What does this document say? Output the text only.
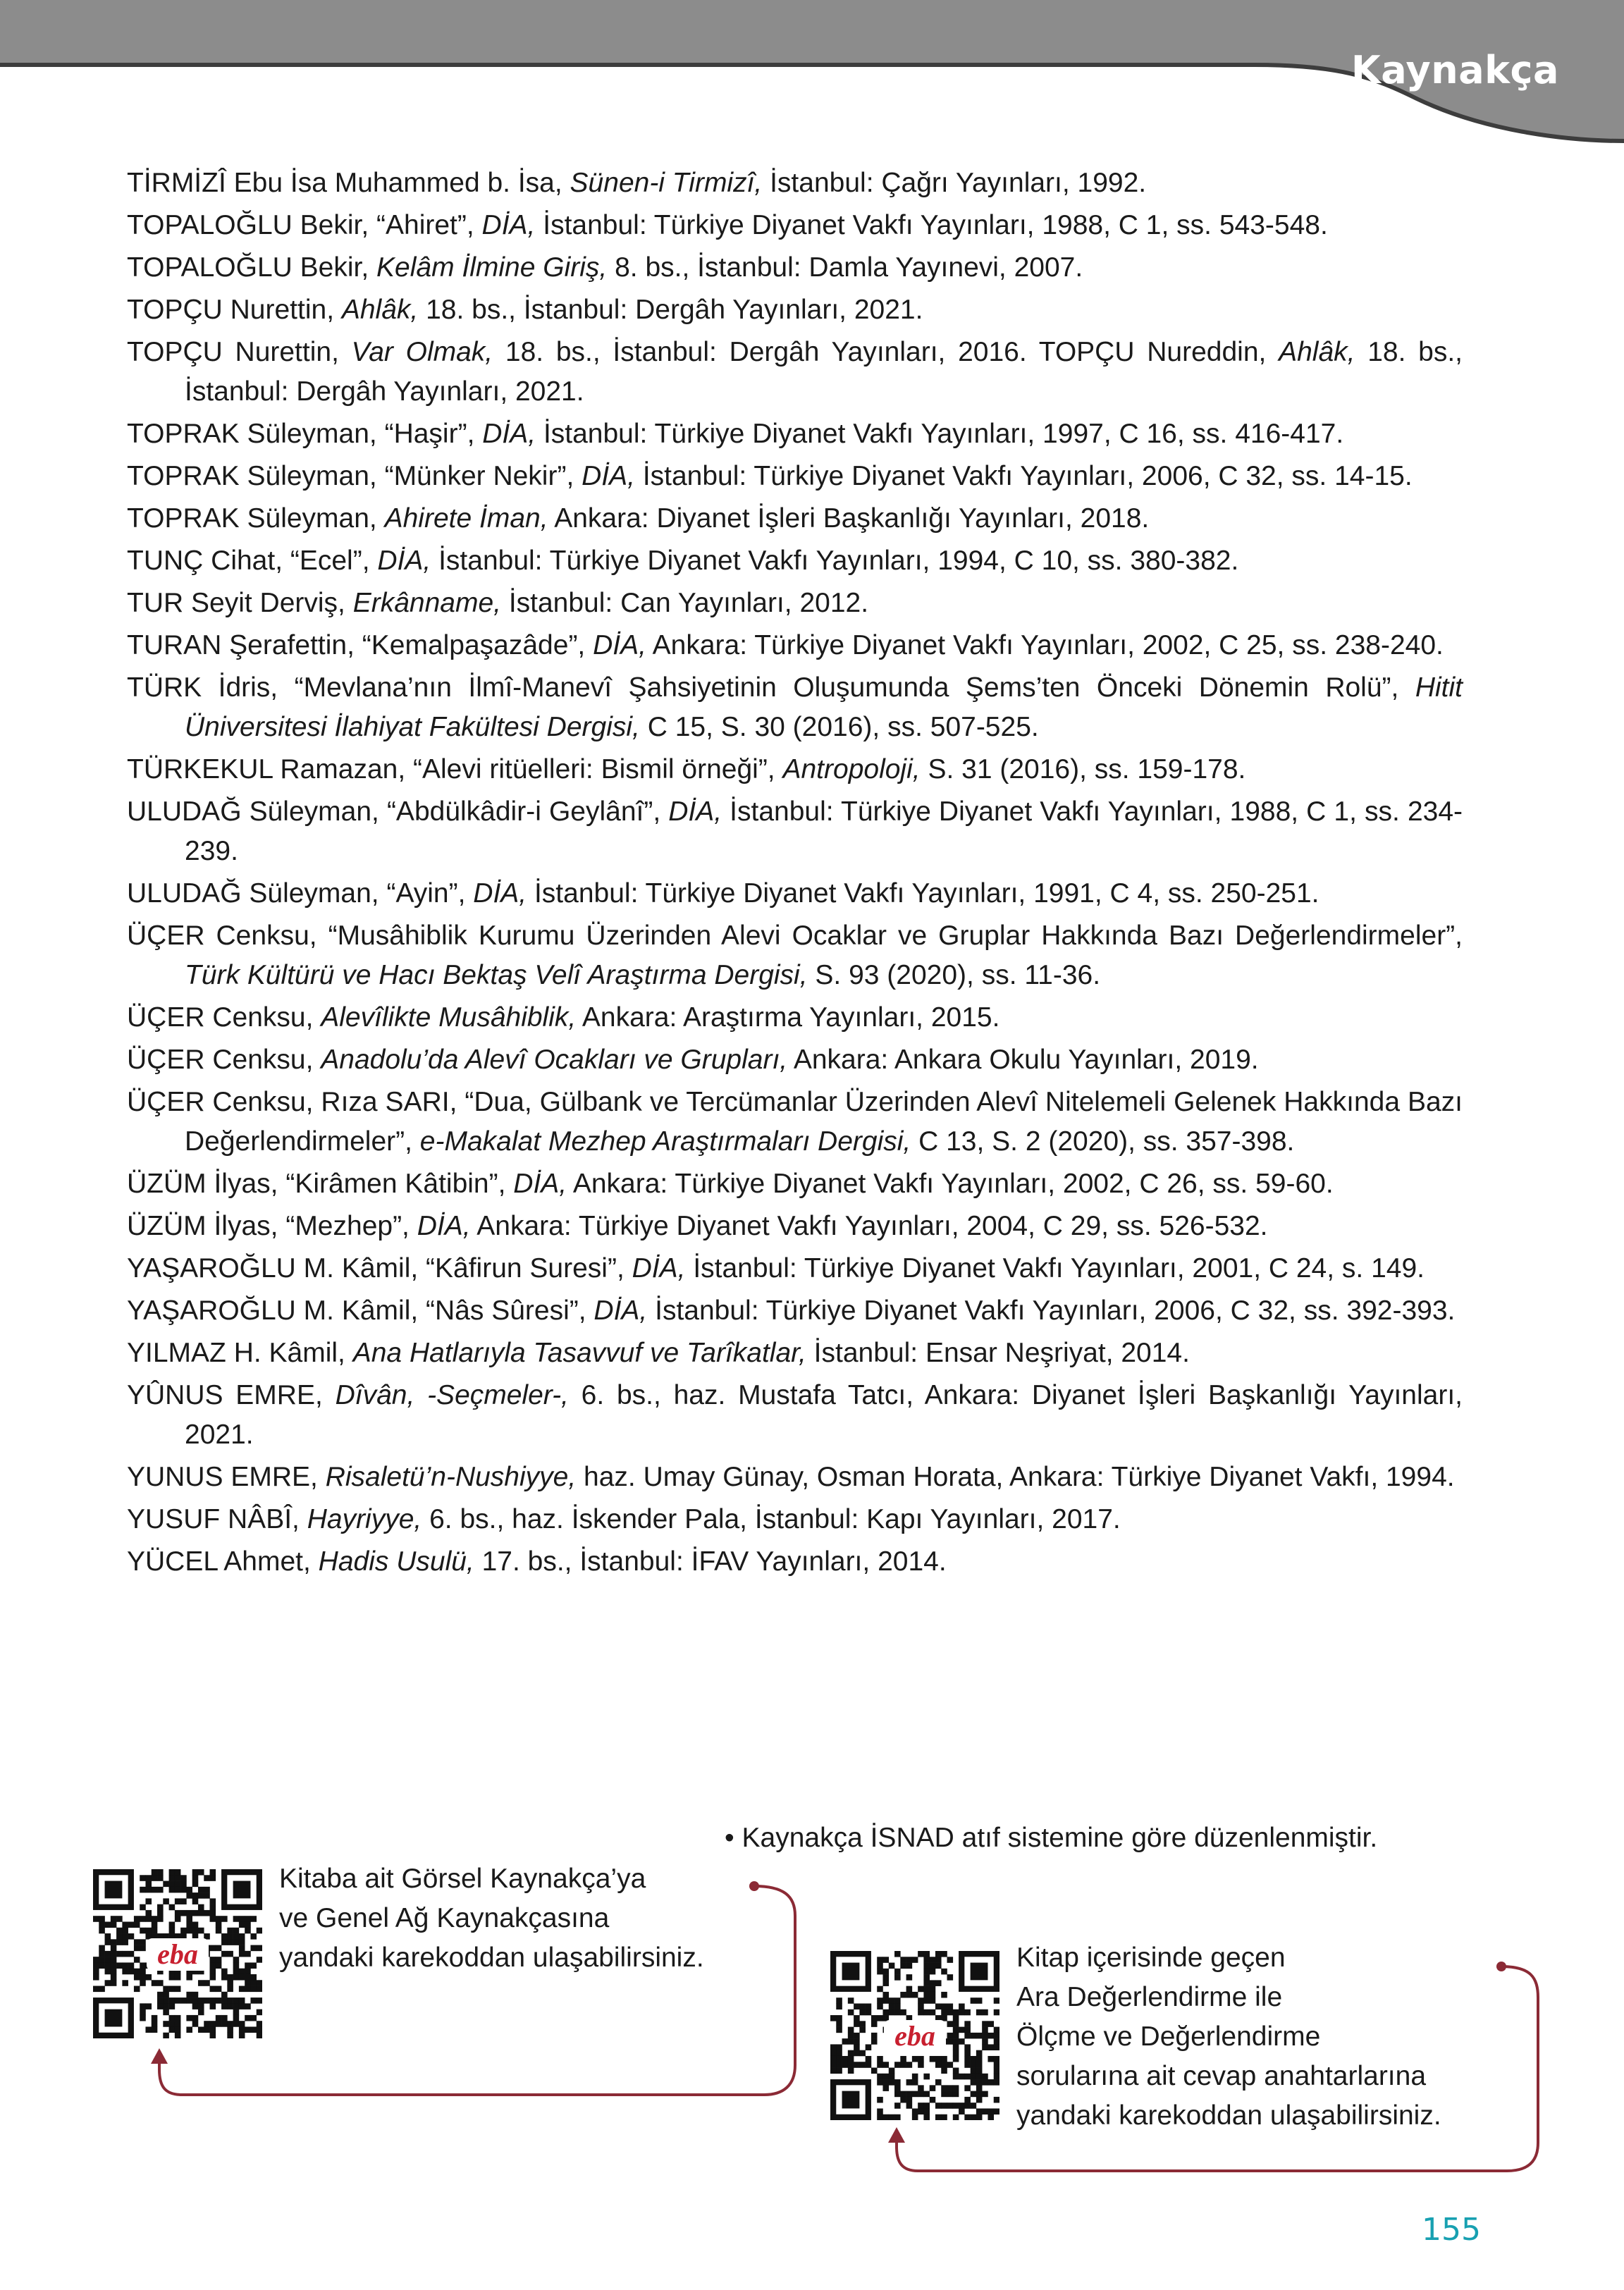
Kaynakça
TİRMİZÎ Ebu İsa Muhammed b. İsa, Sünen-i Tirmizî, İstanbul: Çağrı Yayınları, 1992.
TOPALOĞLU Bekir, “Ahiret”, DİA, İstanbul: Türkiye Diyanet Vakfı Yayınları, 1988, C 1, ss. 543-548.
TOPALOĞLU Bekir, Kelâm İlmine Giriş, 8. bs., İstanbul: Damla Yayınevi, 2007.
TOPÇU Nurettin, Ahlâk, 18. bs., İstanbul: Dergâh Yayınları, 2021.
TOPÇU Nurettin, Var Olmak, 18. bs., İstanbul: Dergâh Yayınları, 2016. TOPÇU Nureddin, Ahlâk, 18. bs., İstanbul: Dergâh Yayınları, 2021.
TOPRAK Süleyman, “Haşir”, DİA, İstanbul: Türkiye Diyanet Vakfı Yayınları, 1997, C 16, ss. 416-417.
TOPRAK Süleyman, “Münker Nekir”, DİA, İstanbul: Türkiye Diyanet Vakfı Yayınları, 2006, C 32, ss. 14-15.
TOPRAK Süleyman, Ahirete İman, Ankara: Diyanet İşleri Başkanlığı Yayınları, 2018.
TUNÇ Cihat, “Ecel”, DİA, İstanbul: Türkiye Diyanet Vakfı Yayınları, 1994, C 10, ss. 380-382.
TUR Seyit Derviş, Erkânname, İstanbul: Can Yayınları, 2012.
TURAN Şerafettin, “Kemalpaşazâde”, DİA, Ankara: Türkiye Diyanet Vakfı Yayınları, 2002, C 25, ss. 238-240.
TÜRK İdris, “Mevlana’nın İlmî-Manevî Şahsiyetinin Oluşumunda Şems’ten Önceki Dönemin Rolü”, Hitit Üniversitesi İlahiyat Fakültesi Dergisi, C 15, S. 30 (2016), ss. 507-525.
TÜRKEKUL Ramazan, “Alevi ritüelleri: Bismil örneği”, Antropoloji, S. 31 (2016), ss. 159-178.
ULUDAĞ Süleyman, “Abdülkâdir-i Geylânî”, DİA, İstanbul: Türkiye Diyanet Vakfı Yayınları, 1988, C 1, ss. 234-239.
ULUDAĞ Süleyman, “Ayin”, DİA, İstanbul: Türkiye Diyanet Vakfı Yayınları, 1991, C 4, ss. 250-251.
ÜÇER Cenksu, “Musâhiblik Kurumu Üzerinden Alevi Ocaklar ve Gruplar Hakkında Bazı Değerlendirmeler”, Türk Kültürü ve Hacı Bektaş Velî Araştırma Dergisi, S. 93 (2020), ss. 11-36.
ÜÇER Cenksu, Alevîlikte Musâhiblik, Ankara: Araştırma Yayınları, 2015.
ÜÇER Cenksu, Anadolu’da Alevî Ocakları ve Grupları, Ankara: Ankara Okulu Yayınları, 2019.
ÜÇER Cenksu, Rıza SARI, “Dua, Gülbank ve Tercümanlar Üzerinden Alevî Nitelemeli Gelenek Hakkında Bazı Değerlendirmeler”, e-Makalat Mezhep Araştırmaları Dergisi, C 13, S. 2 (2020), ss. 357-398.
ÜZÜM İlyas, “Kirâmen Kâtibin”, DİA, Ankara: Türkiye Diyanet Vakfı Yayınları, 2002, C 26, ss. 59-60.
ÜZÜM İlyas, “Mezhep”, DİA, Ankara: Türkiye Diyanet Vakfı Yayınları, 2004, C 29, ss. 526-532.
YAŞAROĞLU M. Kâmil, “Kâfirun Suresi”, DİA, İstanbul: Türkiye Diyanet Vakfı Yayınları, 2001, C 24, s. 149.
YAŞAROĞLU M. Kâmil, “Nâs Sûresi”, DİA, İstanbul: Türkiye Diyanet Vakfı Yayınları, 2006, C 32, ss. 392-393.
YILMAZ H. Kâmil, Ana Hatlarıyla Tasavvuf ve Tarîkatlar, İstanbul: Ensar Neşriyat, 2014.
YÛNUS EMRE, Dîvân, -Seçmeler-, 6. bs., haz. Mustafa Tatcı, Ankara: Diyanet İşleri Başkanlığı Yayınları, 2021.
YUNUS EMRE, Risaletü’n-Nushiyye, haz. Umay Günay, Osman Horata, Ankara: Türkiye Diyanet Vakfı, 1994.
YUSUF NÂBÎ, Hayriyye, 6. bs., haz. İskender Pala, İstanbul: Kapı Yayınları, 2017.
YÜCEL Ahmet, Hadis Usulü, 17. bs., İstanbul: İFAV Yayınları, 2014.
• Kaynakça İSNAD atıf sistemine göre düzenlenmiştir.
eba
Kitaba ait Görsel Kaynakça’ya
ve Genel Ağ Kaynakçasına
yandaki karekoddan ulaşabilirsiniz.
eba
Kitap içerisinde geçen
Ara Değerlendirme ile
Ölçme ve Değerlendirme
sorularına ait cevap anahtarlarına
yandaki karekoddan ulaşabilirsiniz.
155
